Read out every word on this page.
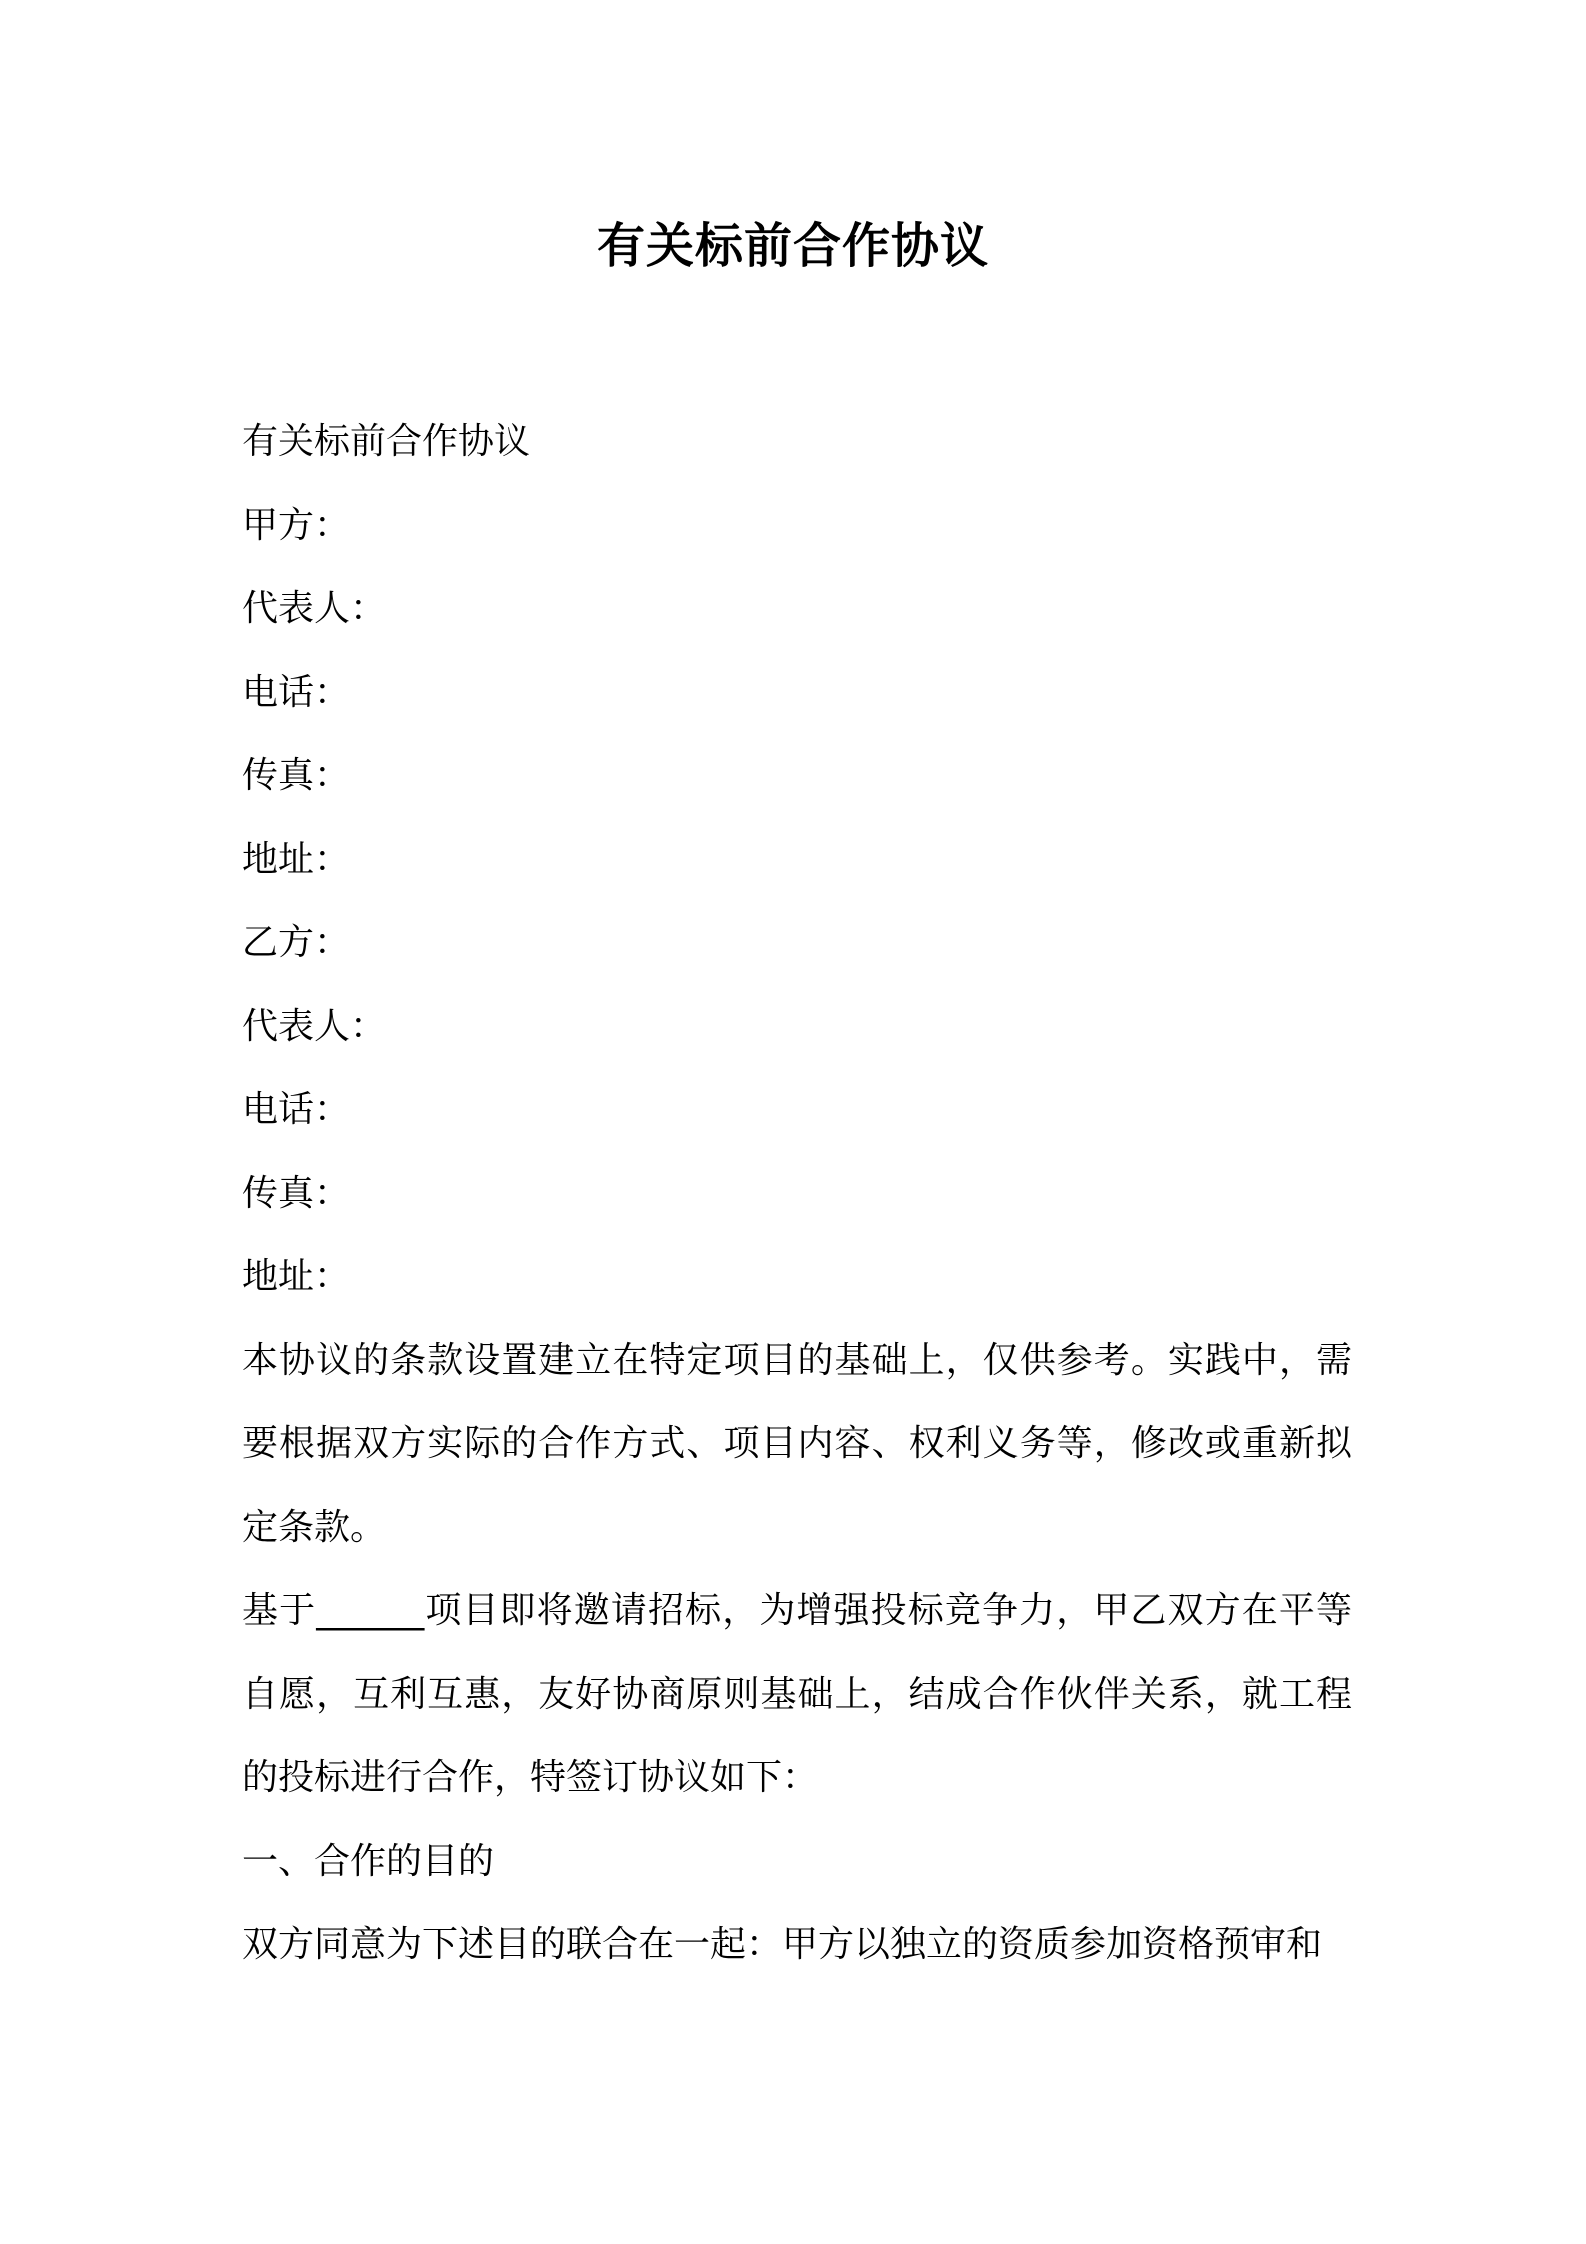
有关标前合作协议
有关标前合作协议
甲方：
代表人：
电话：
传真：
地址：
乙方：
代表人：
电话：
传真：
地址：
本协议的条款设置建立在特定项目的基础上，仅供参考。实践中，需要根据双方实际的合作方式、项目内容、权利义务等，修改或重新拟定条款。
基于______项目即将邀请招标，为增强投标竞争力，甲乙双方在平等自愿，互利互惠，友好协商原则基础上，结成合作伙伴关系，就工程的投标进行合作，特签订协议如下：
一、合作的目的
双方同意为下述目的联合在一起：甲方以独立的资质参加资格预审和
